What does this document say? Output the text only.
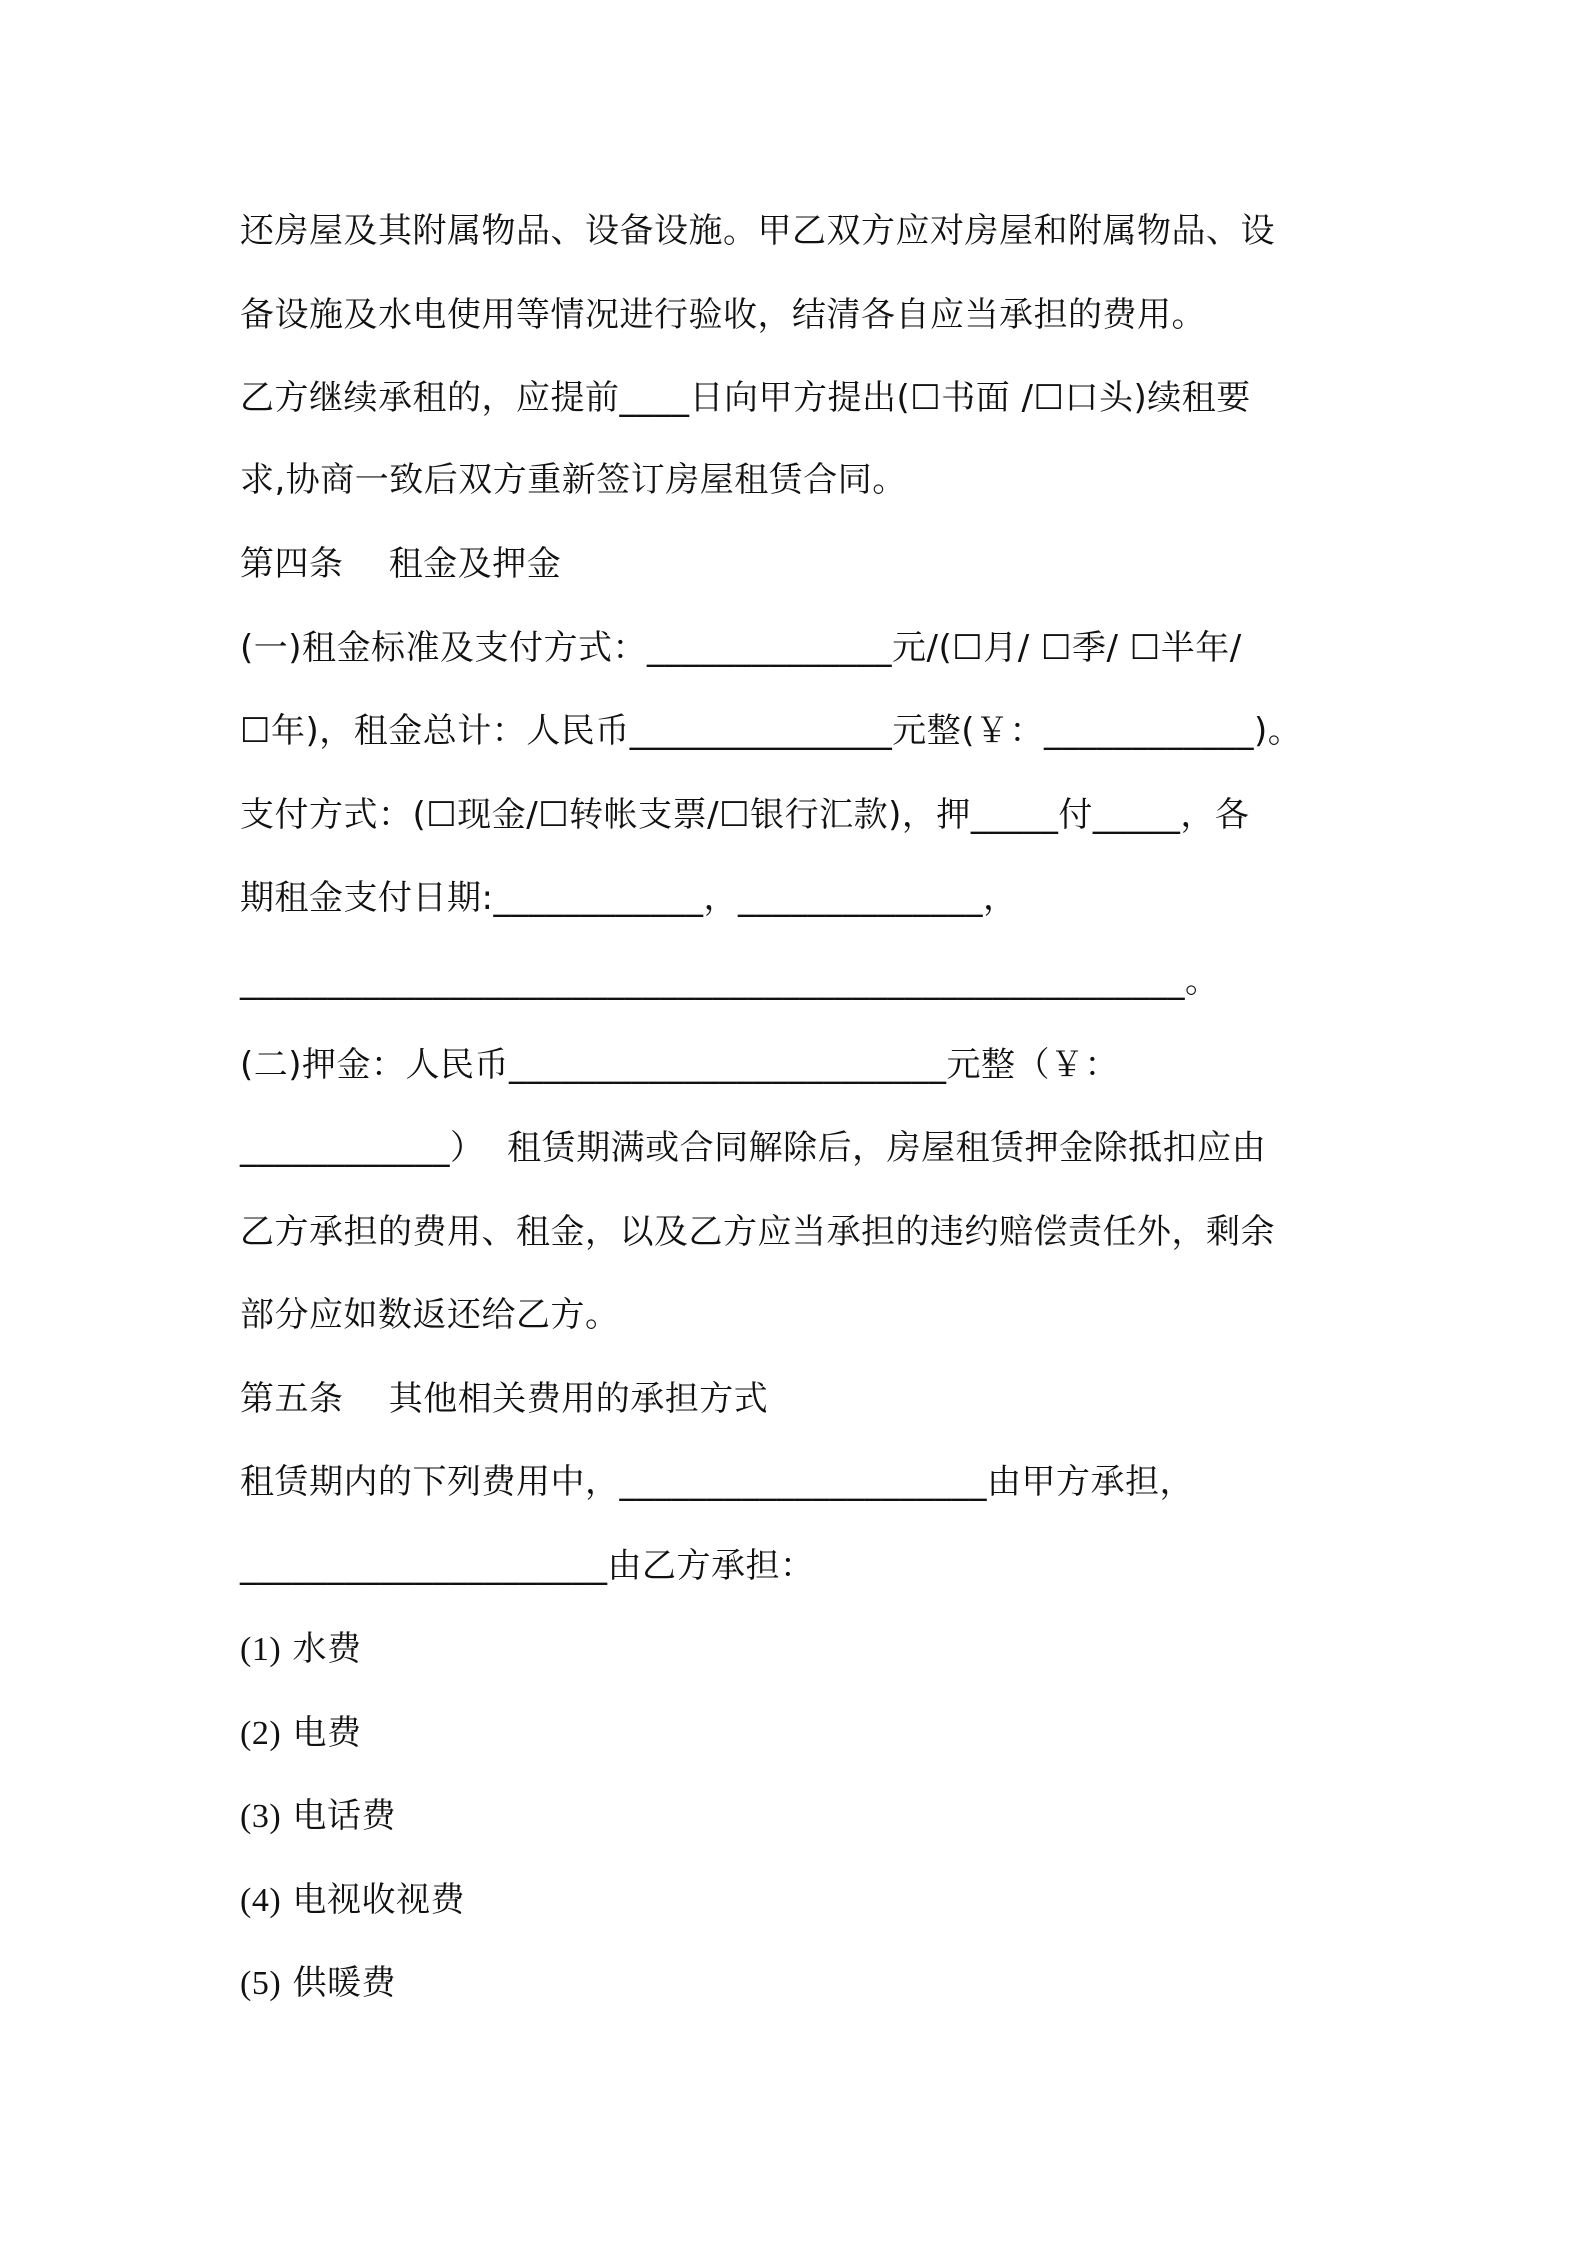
还房屋及其附属物品、设备设施。甲乙双方应对房屋和附属物品、设
备设施及水电使用等情况进行验收，结清各自应当承担的费用。
乙方继续承租的，应提前____日向甲方提出(☐书面 /☐口头)续租要
求,协商一致后双方重新签订房屋租赁合同。
第四条    租金及押金
(一)租金标准及支付方式：______________元/(☐月/ ☐季/ ☐半年/
☐年)，租金总计：人民币_______________元整(￥：____________)。
支付方式：(☐现金/☐转帐支票/☐银行汇款)，押_____付_____，各
期租金支付日期:____________，______________，
______________________________________________________。
(二)押金：人民币_________________________元整（￥：
____________）  租赁期满或合同解除后，房屋租赁押金除抵扣应由
乙方承担的费用、租金，以及乙方应当承担的违约赔偿责任外，剩余
部分应如数返还给乙方。
第五条    其他相关费用的承担方式
租赁期内的下列费用中，_____________________由甲方承担，
_____________________由乙方承担：
(1) 水费
(2) 电费
(3) 电话费
(4) 电视收视费
(5) 供暖费
